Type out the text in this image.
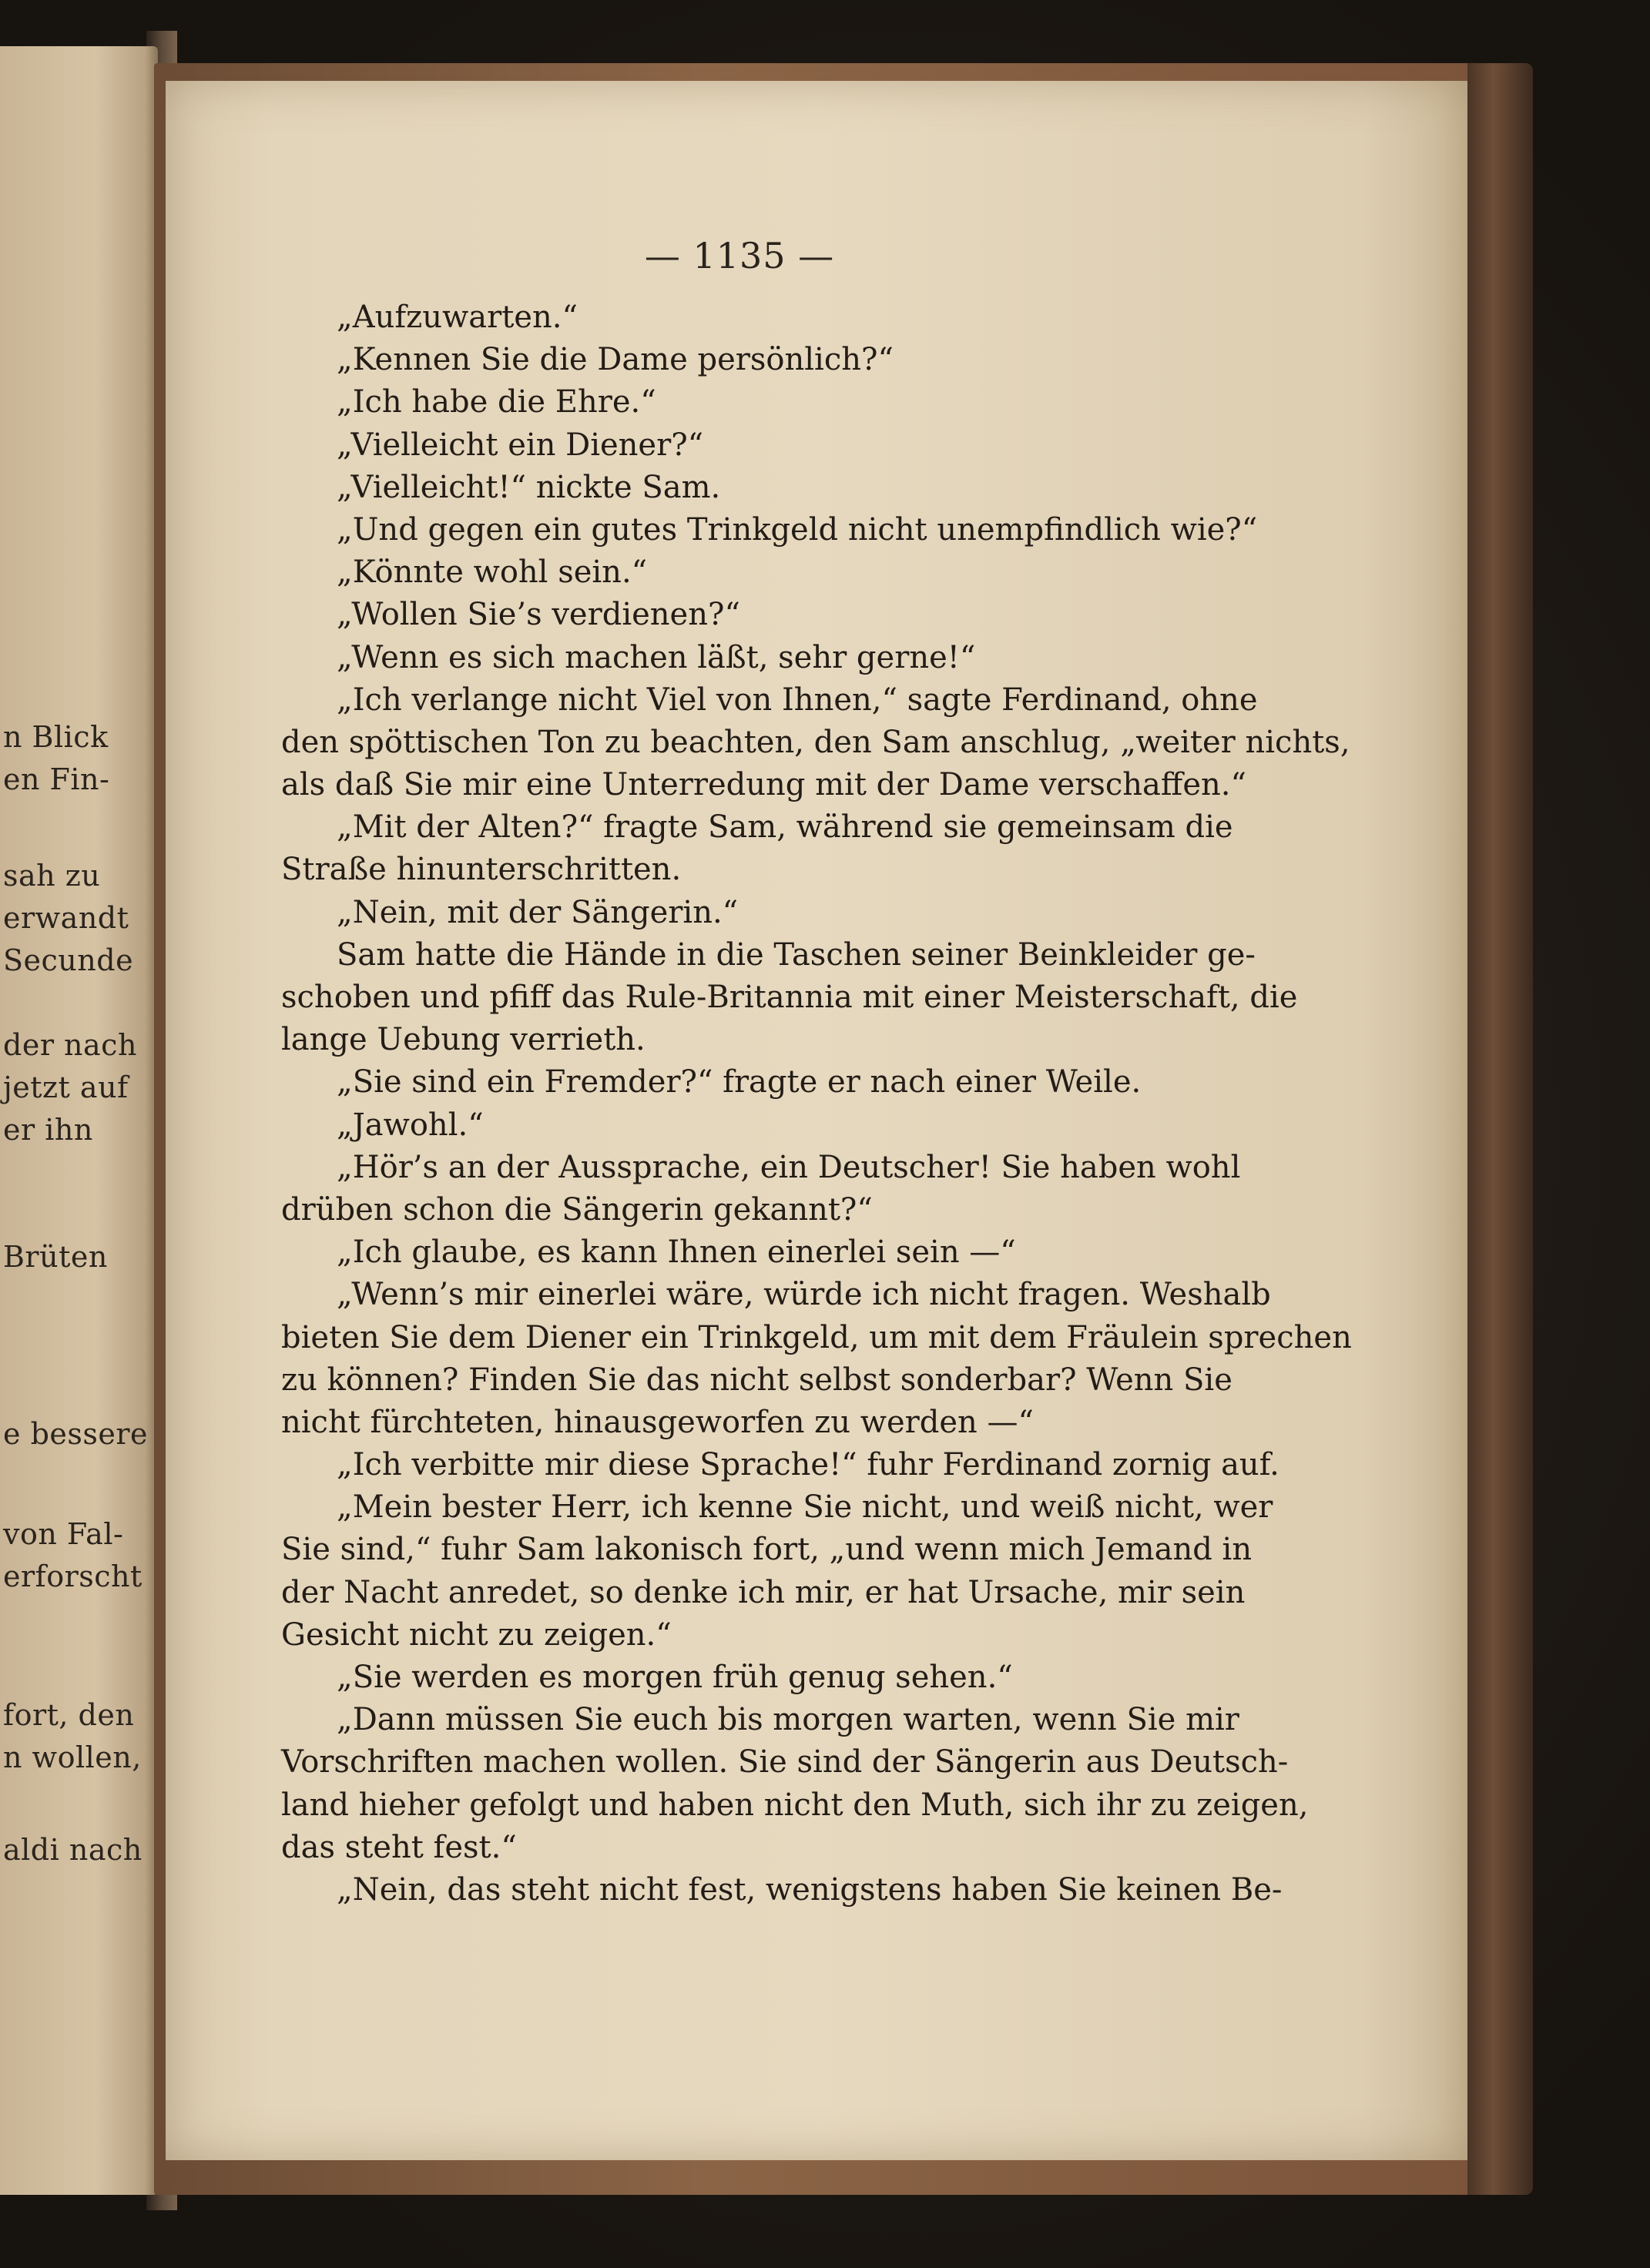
n Blick
en Fin-
sah zu
erwandt
Secunde
der nach
jetzt auf
er ihn
Brüten
e bessere
von Fal-
erforscht
fort, den
n wollen,
aldi nach
— 1135 —
„Aufzuwarten.“
„Kennen Sie die Dame persönlich?“
„Ich habe die Ehre.“
„Vielleicht ein Diener?“
„Vielleicht!“ nickte Sam.
„Und gegen ein gutes Trinkgeld nicht unempfindlich wie?“
„Könnte wohl sein.“
„Wollen Sie’s verdienen?“
„Wenn es sich machen läßt, sehr gerne!“
„Ich verlange nicht Viel von Ihnen,“ sagte Ferdinand, ohne
den spöttischen Ton zu beachten, den Sam anschlug, „weiter nichts,
als daß Sie mir eine Unterredung mit der Dame verschaffen.“
„Mit der Alten?“ fragte Sam, während sie gemeinsam die
Straße hinunterschritten.
„Nein, mit der Sängerin.“
Sam hatte die Hände in die Taschen seiner Beinkleider ge-
schoben und pfiff das Rule-Britannia mit einer Meisterschaft, die
lange Uebung verrieth.
„Sie sind ein Fremder?“ fragte er nach einer Weile.
„Jawohl.“
„Hör’s an der Aussprache, ein Deutscher! Sie haben wohl
drüben schon die Sängerin gekannt?“
„Ich glaube, es kann Ihnen einerlei sein —“
„Wenn’s mir einerlei wäre, würde ich nicht fragen. Weshalb
bieten Sie dem Diener ein Trinkgeld, um mit dem Fräulein sprechen
zu können? Finden Sie das nicht selbst sonderbar? Wenn Sie
nicht fürchteten, hinausgeworfen zu werden —“
„Ich verbitte mir diese Sprache!“ fuhr Ferdinand zornig auf.
„Mein bester Herr, ich kenne Sie nicht, und weiß nicht, wer
Sie sind,“ fuhr Sam lakonisch fort, „und wenn mich Jemand in
der Nacht anredet, so denke ich mir, er hat Ursache, mir sein
Gesicht nicht zu zeigen.“
„Sie werden es morgen früh genug sehen.“
„Dann müssen Sie euch bis morgen warten, wenn Sie mir
Vorschriften machen wollen. Sie sind der Sängerin aus Deutsch-
land hieher gefolgt und haben nicht den Muth, sich ihr zu zeigen,
das steht fest.“
„Nein, das steht nicht fest, wenigstens haben Sie keinen Be-
